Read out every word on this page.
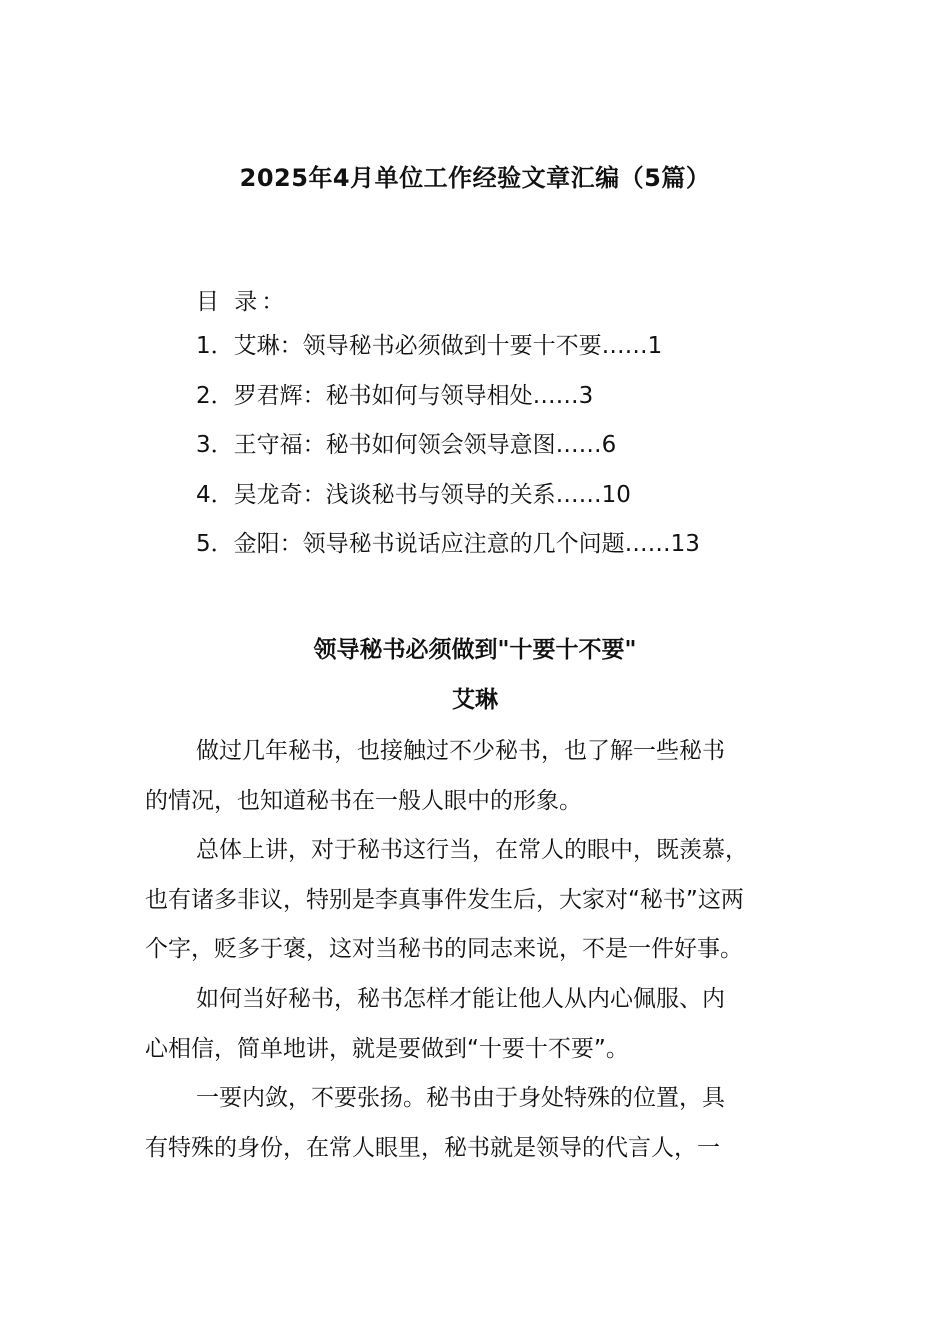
2025年4月单位工作经验文章汇编（5篇）
目 录：
1．艾琳：领导秘书必须做到十要十不要……1
2．罗君辉：秘书如何与领导相处……3
3．王守福：秘书如何领会领导意图……6
4．吴龙奇：浅谈秘书与领导的关系……10
5．金阳：领导秘书说话应注意的几个问题……13
领导秘书必须做到"十要十不要"
艾琳
做过几年秘书，也接触过不少秘书，也了解一些秘书
的情况，也知道秘书在一般人眼中的形象。
总体上讲，对于秘书这行当，在常人的眼中，既羡慕，
也有诸多非议，特别是李真事件发生后，大家对“秘书”这两
个字，贬多于褒，这对当秘书的同志来说，不是一件好事。
如何当好秘书，秘书怎样才能让他人从内心佩服、内
心相信，简单地讲，就是要做到“十要十不要”。
一要内敛，不要张扬。秘书由于身处特殊的位置，具
有特殊的身份，在常人眼里，秘书就是领导的代言人，一
